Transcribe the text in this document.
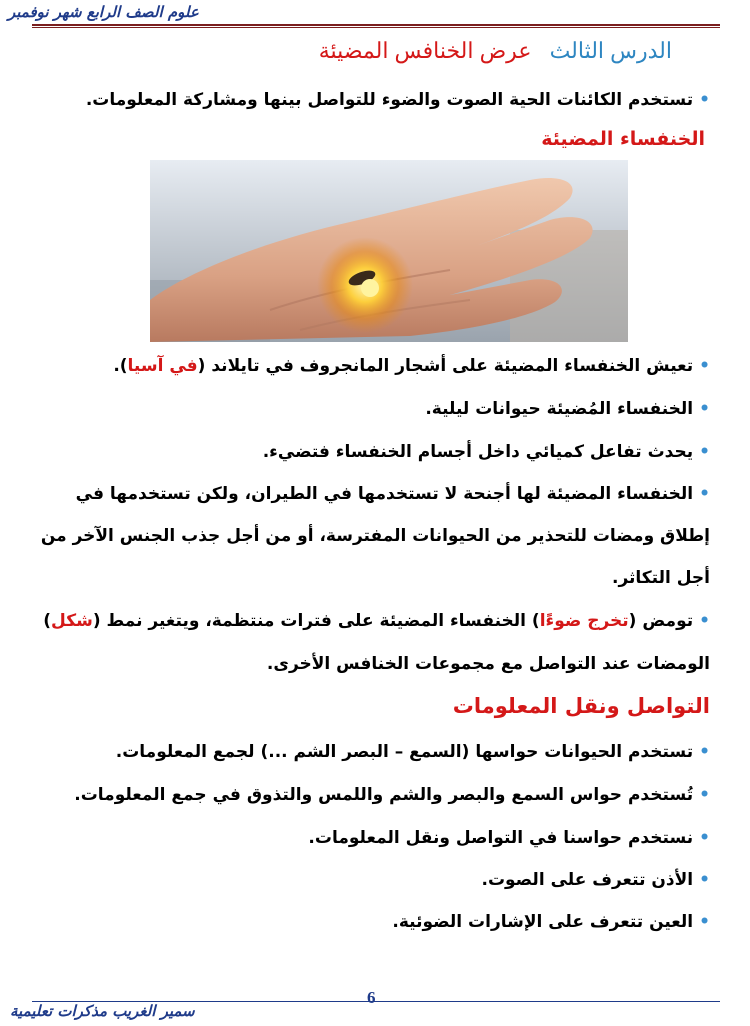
علوم الصف الرابع شهر نوفمبر
الدرس الثالث عرض الخنافس المضيئة
•تستخدم الكائنات الحية الصوت والضوء للتواصل بينها ومشاركة المعلومات.
الخنفساء المضيئة
•تعيش الخنفساء المضيئة على أشجار المانجروف في تايلاند (في آسيا).
•الخنفساء المُضيئة حيوانات ليلية.
•يحدث تفاعل كميائي داخل أجسام الخنفساء فتضيء.
•الخنفساء المضيئة لها أجنحة لا تستخدمها في الطيران، ولكن تستخدمها في
إطلاق ومضات للتحذير من الحيوانات المفترسة، أو من أجل جذب الجنس الآخر من
أجل التكاثر.
•تومض (تخرج ضوءًا) الخنفساء المضيئة على فترات منتظمة، ويتغير نمط (شكل)
الومضات عند التواصل مع مجموعات الخنافس الأخرى.
التواصل ونقل المعلومات
•تستخدم الحيوانات حواسها (السمع – البصر الشم ...) لجمع المعلومات.
•تُستخدم حواس السمع والبصر والشم واللمس والتذوق في جمع المعلومات.
•نستخدم حواسنا في التواصل ونقل المعلومات.
•الأذن تتعرف على الصوت.
•العين تتعرف على الإشارات الضوئية.
6
سمير الغريب مذكرات تعليمية
